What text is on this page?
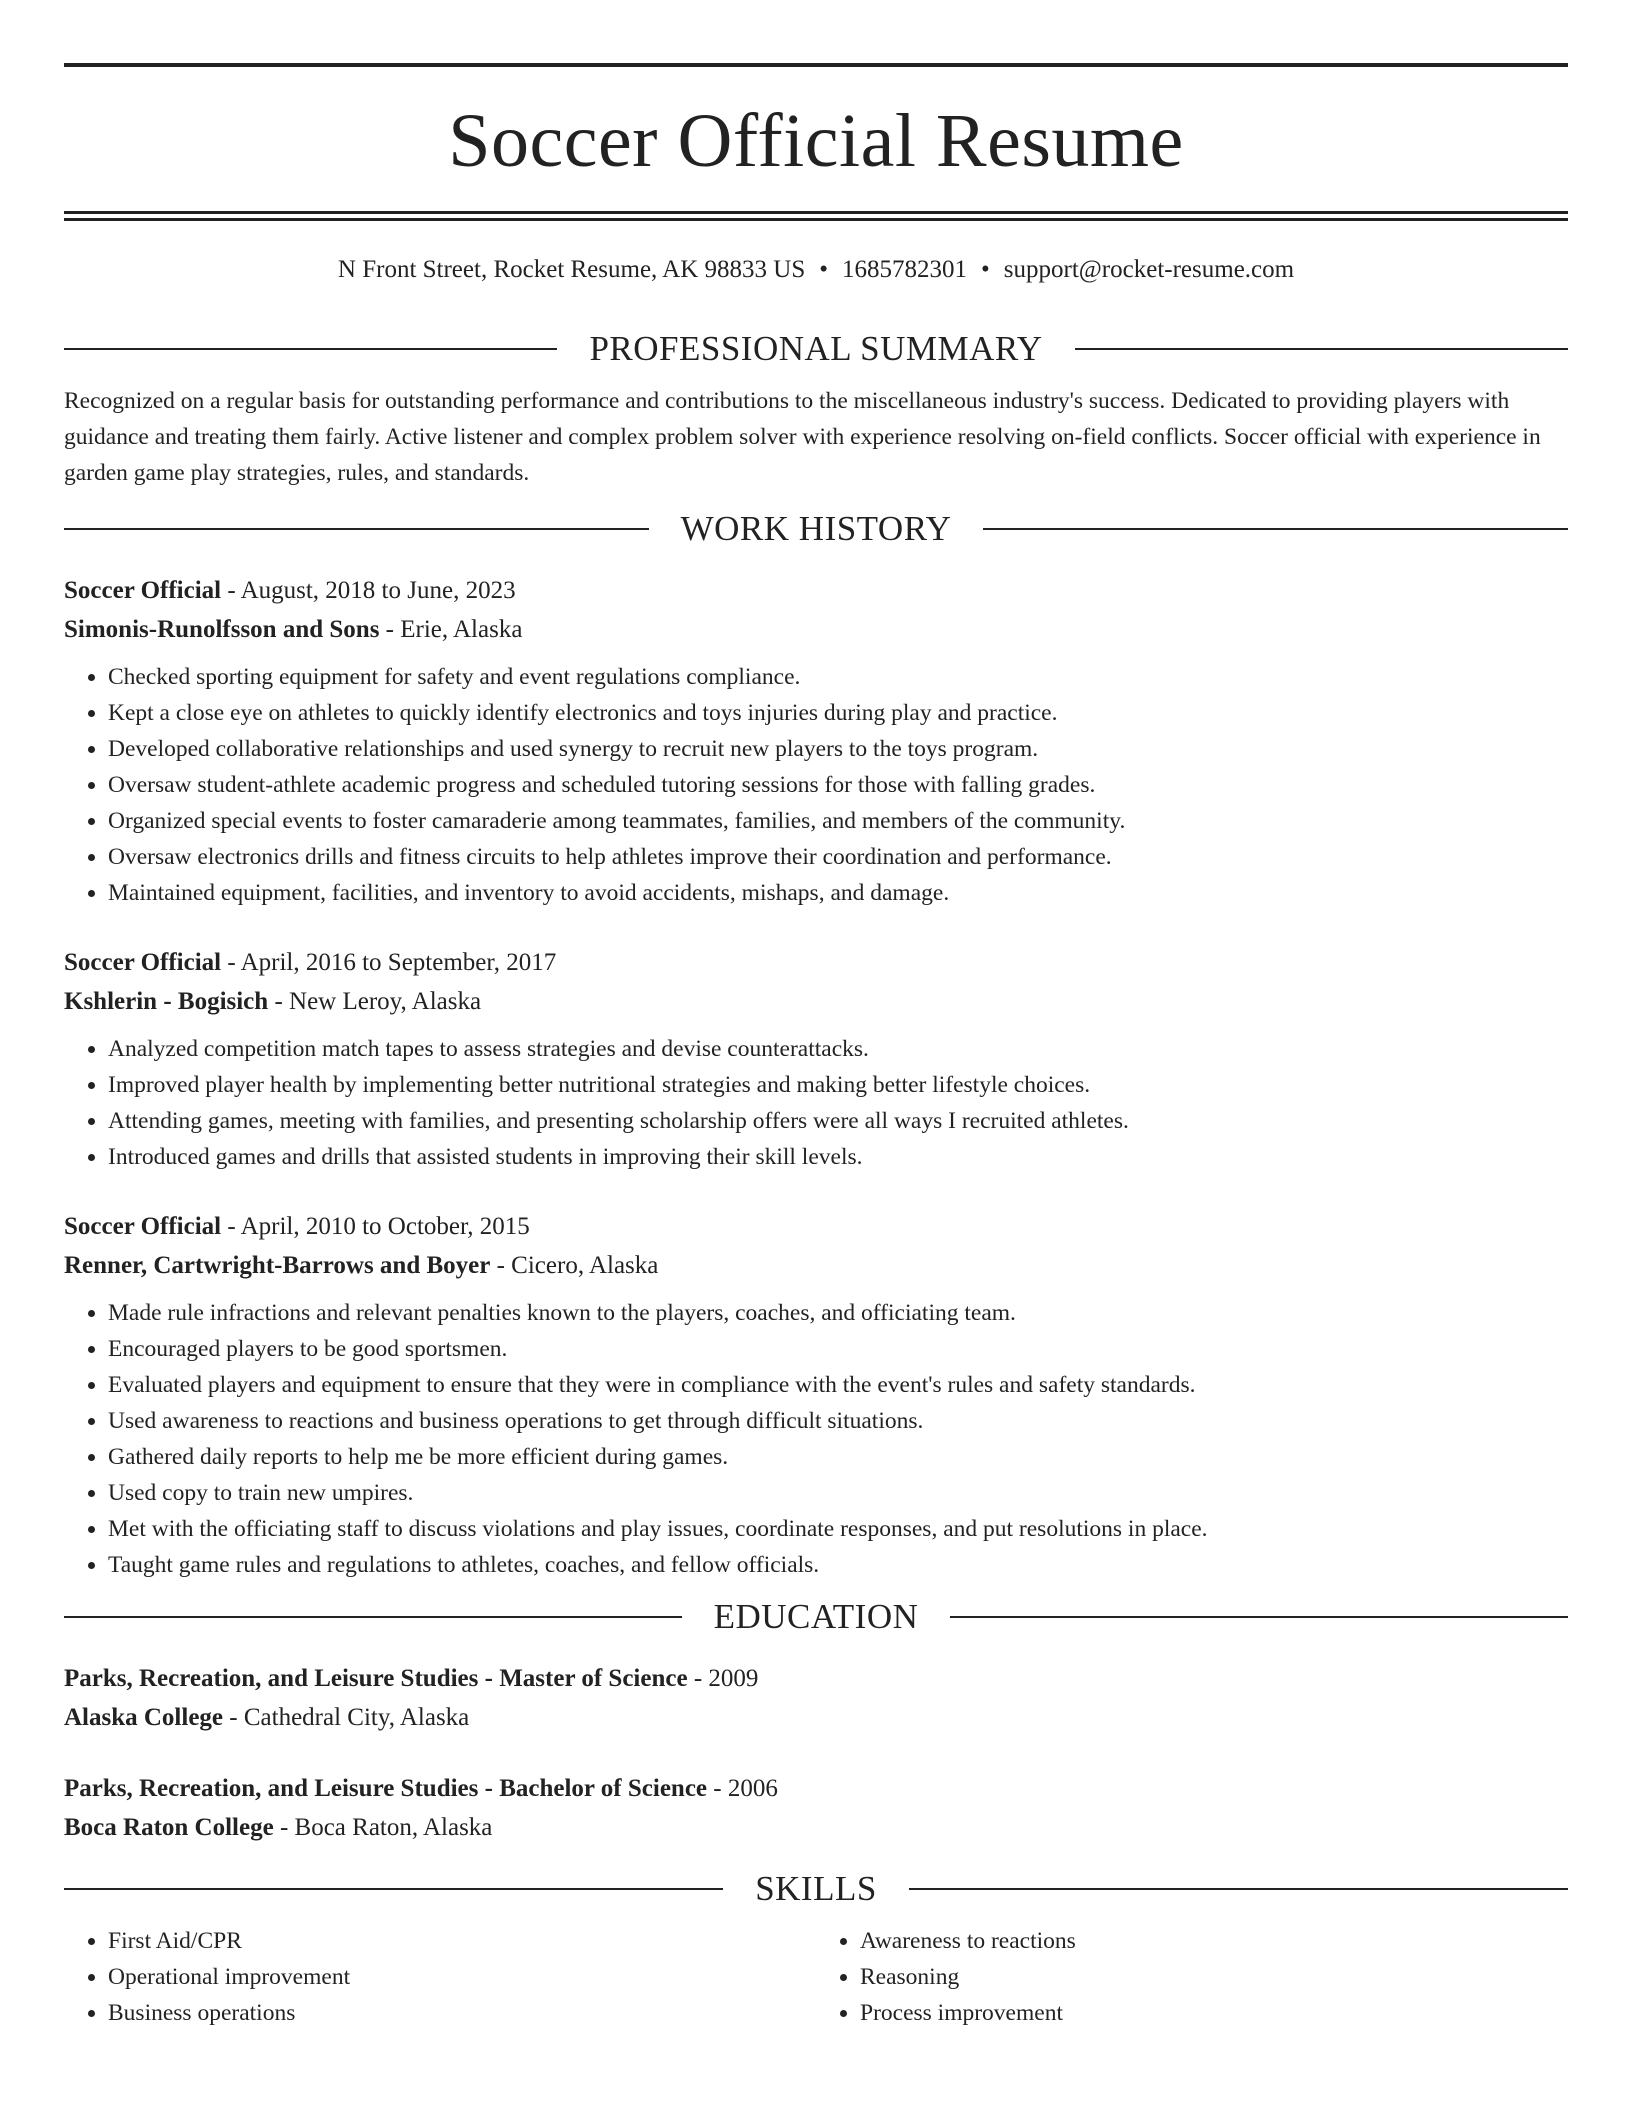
Soccer Official Resume
N Front Street, Rocket Resume, AK 98833 US • 1685782301 • support@rocket-resume.com
PROFESSIONAL SUMMARY

Recognized on a regular basis for outstanding performance and contributions to the miscellaneous industry's success. Dedicated to providing players with guidance and treating them fairly. Active listener and complex problem solver with experience resolving on-field conflicts. Soccer official with experience in garden game play strategies, rules, and standards.

WORK HISTORY
Soccer Official - August, 2018 to June, 2023
Simonis-Runolfsson and Sons - Erie, Alaska
• Checked sporting equipment for safety and event regulations compliance.
• Kept a close eye on athletes to quickly identify electronics and toys injuries during play and practice.
• Developed collaborative relationships and used synergy to recruit new players to the toys program.
• Oversaw student-athlete academic progress and scheduled tutoring sessions for those with falling grades.
• Organized special events to foster camaraderie among teammates, families, and members of the community.
• Oversaw electronics drills and fitness circuits to help athletes improve their coordination and performance.
• Maintained equipment, facilities, and inventory to avoid accidents, mishaps, and damage.
Soccer Official - April, 2016 to September, 2017
Kshlerin - Bogisich - New Leroy, Alaska
• Analyzed competition match tapes to assess strategies and devise counterattacks.
• Improved player health by implementing better nutritional strategies and making better lifestyle choices.
• Attending games, meeting with families, and presenting scholarship offers were all ways I recruited athletes.
• Introduced games and drills that assisted students in improving their skill levels.
Soccer Official - April, 2010 to October, 2015
Renner, Cartwright-Barrows and Boyer - Cicero, Alaska
• Made rule infractions and relevant penalties known to the players, coaches, and officiating team.
• Encouraged players to be good sportsmen.
• Evaluated players and equipment to ensure that they were in compliance with the event's rules and safety standards.
• Used awareness to reactions and business operations to get through difficult situations.
• Gathered daily reports to help me be more efficient during games.
• Used copy to train new umpires.
• Met with the officiating staff to discuss violations and play issues, coordinate responses, and put resolutions in place.
• Taught game rules and regulations to athletes, coaches, and fellow officials.
EDUCATION
Parks, Recreation, and Leisure Studies - Master of Science - 2009
Alaska College - Cathedral City, Alaska
Parks, Recreation, and Leisure Studies - Bachelor of Science - 2006
Boca Raton College - Boca Raton, Alaska
SKILLS
• First Aid/CPR
• Operational improvement
• Business operations
• Awareness to reactions
• Reasoning
• Process improvement
